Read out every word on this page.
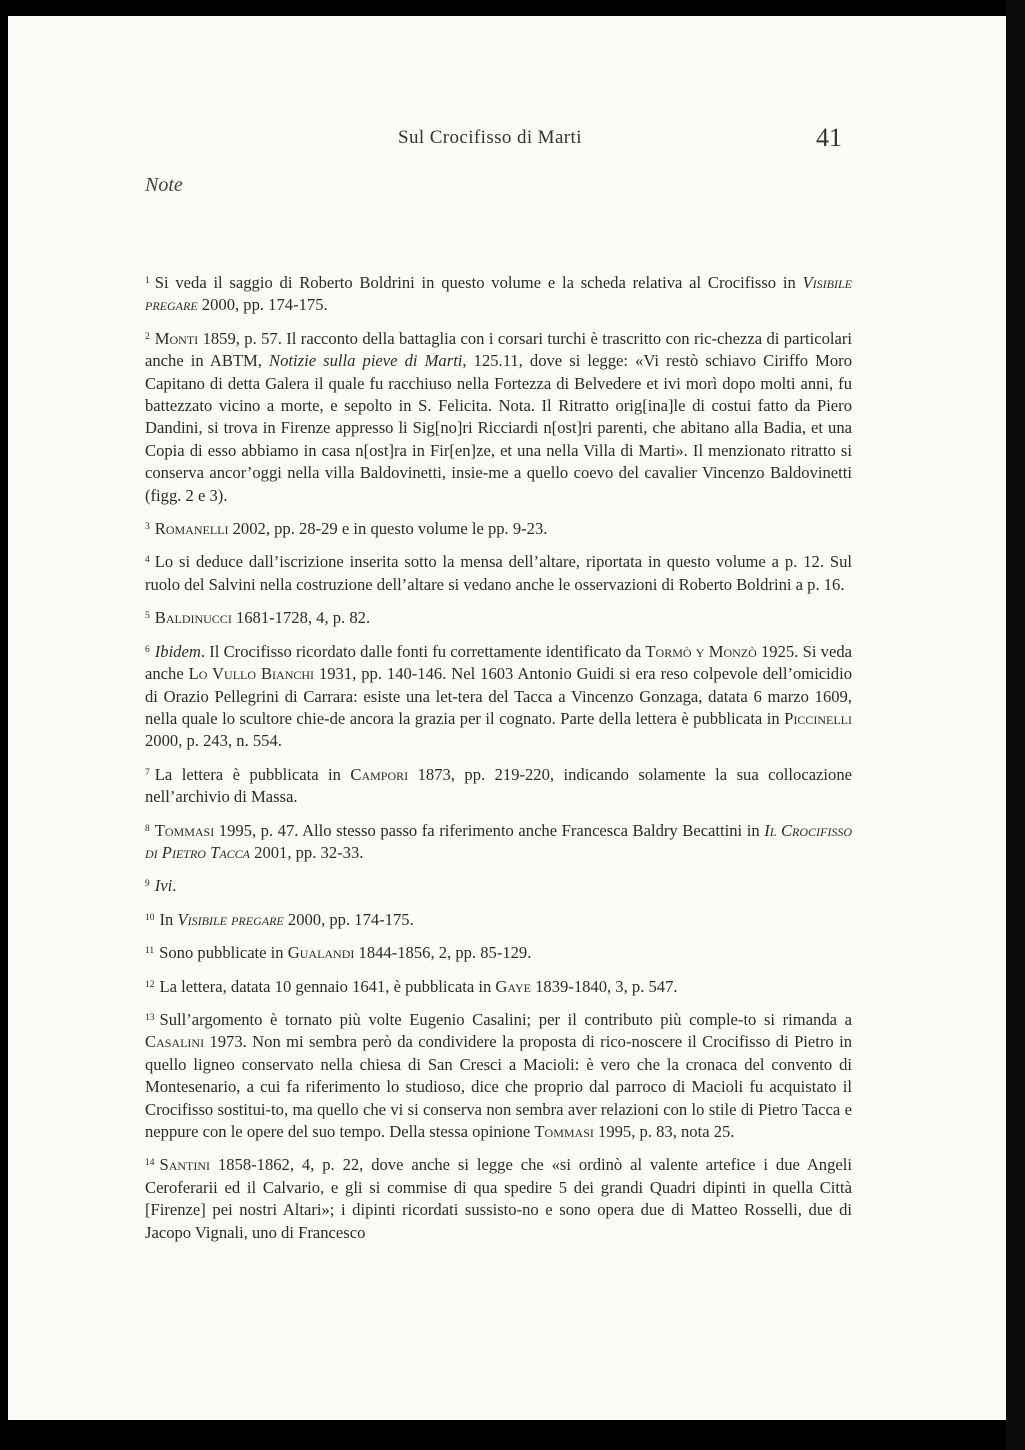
Sul Crocifisso di Marti	41
Note

$^1$ Si veda il saggio di Roberto Boldrini in questo volume e la scheda relativa al Crocifisso in Visibile pregare 2000, pp. 174-175.

$^2$ Monti 1859, p. 57. Il racconto della battaglia con i corsari turchi è trascritto con ric-chezza di particolari anche in ABTM, Notizie sulla pieve di Marti, 125.11, dove si legge: «Vi restò schiavo Ciriffo Moro Capitano di detta Galera il quale fu racchiuso nella Fortezza di Belvedere et ivi morì dopo molti anni, fu battezzato vicino a morte, e sepolto in S. Felicita. Nota. Il Ritratto orig[ina]le di costui fatto da Piero Dandini, si trova in Firenze appresso li Sig[no]ri Ricciardi n[ost]ri parenti, che abitano alla Badia, et una Copia di esso abbiamo in casa n[ost]ra in Fir[en]ze, et una nella Villa di Marti». Il menzionato ritratto si conserva ancor’oggi nella villa Baldovinetti, insie-me a quello coevo del cavalier Vincenzo Baldovinetti (figg. 2 e 3).

$^3$ Romanelli 2002, pp. 28-29 e in questo volume le pp. 9-23.

$^4$ Lo si deduce dall’iscrizione inserita sotto la mensa dell’altare, riportata in questo volume a p. 12. Sul ruolo del Salvini nella costruzione dell’altare si vedano anche le osservazioni di Roberto Boldrini a p. 16.

$^5$ Baldinucci 1681-1728, 4, p. 82.

$^6$ Ibidem. Il Crocifisso ricordato dalle fonti fu correttamente identificato da Tormò y Monzò 1925. Si veda anche Lo Vullo Bianchi 1931, pp. 140-146. Nel 1603 Antonio Guidi si era reso colpevole dell’omicidio di Orazio Pellegrini di Carrara: esiste una let-tera del Tacca a Vincenzo Gonzaga, datata 6 marzo 1609, nella quale lo scultore chie-de ancora la grazia per il cognato. Parte della lettera è pubblicata in Piccinelli 2000, p. 243, n. 554.

$^7$ La lettera è pubblicata in Campori 1873, pp. 219-220, indicando solamente la sua collocazione nell’archivio di Massa.

$^8$ Tommasi 1995, p. 47. Allo stesso passo fa riferimento anche Francesca Baldry Becattini in Il Crocifisso di Pietro Tacca 2001, pp. 32-33.

$^9$ Ivi.

$^{10}$ In Visibile pregare 2000, pp. 174-175.

$^{11}$ Sono pubblicate in Gualandi 1844-1856, 2, pp. 85-129.

$^{12}$ La lettera, datata 10 gennaio 1641, è pubblicata in Gaye 1839-1840, 3, p. 547.

$^{13}$ Sull’argomento è tornato più volte Eugenio Casalini; per il contributo più comple-to si rimanda a Casalini 1973. Non mi sembra però da condividere la proposta di rico-noscere il Crocifisso di Pietro in quello ligneo conservato nella chiesa di San Cresci a Macioli: è vero che la cronaca del convento di Montesenario, a cui fa riferimento lo studioso, dice che proprio dal parroco di Macioli fu acquistato il Crocifisso sostitui-to, ma quello che vi si conserva non sembra aver relazioni con lo stile di Pietro Tacca e neppure con le opere del suo tempo. Della stessa opinione Tommasi 1995, p. 83, nota 25.

$^{14}$ Santini 1858-1862, 4, p. 22, dove anche si legge che «si ordinò al valente artefice i due Angeli Ceroferarii ed il Calvario, e gli si commise di qua spedire 5 dei grandi Quadri dipinti in quella Città [Firenze] pei nostri Altari»; i dipinti ricordati sussisto-no e sono opera due di Matteo Rosselli, due di Jacopo Vignali, uno di Francesco
